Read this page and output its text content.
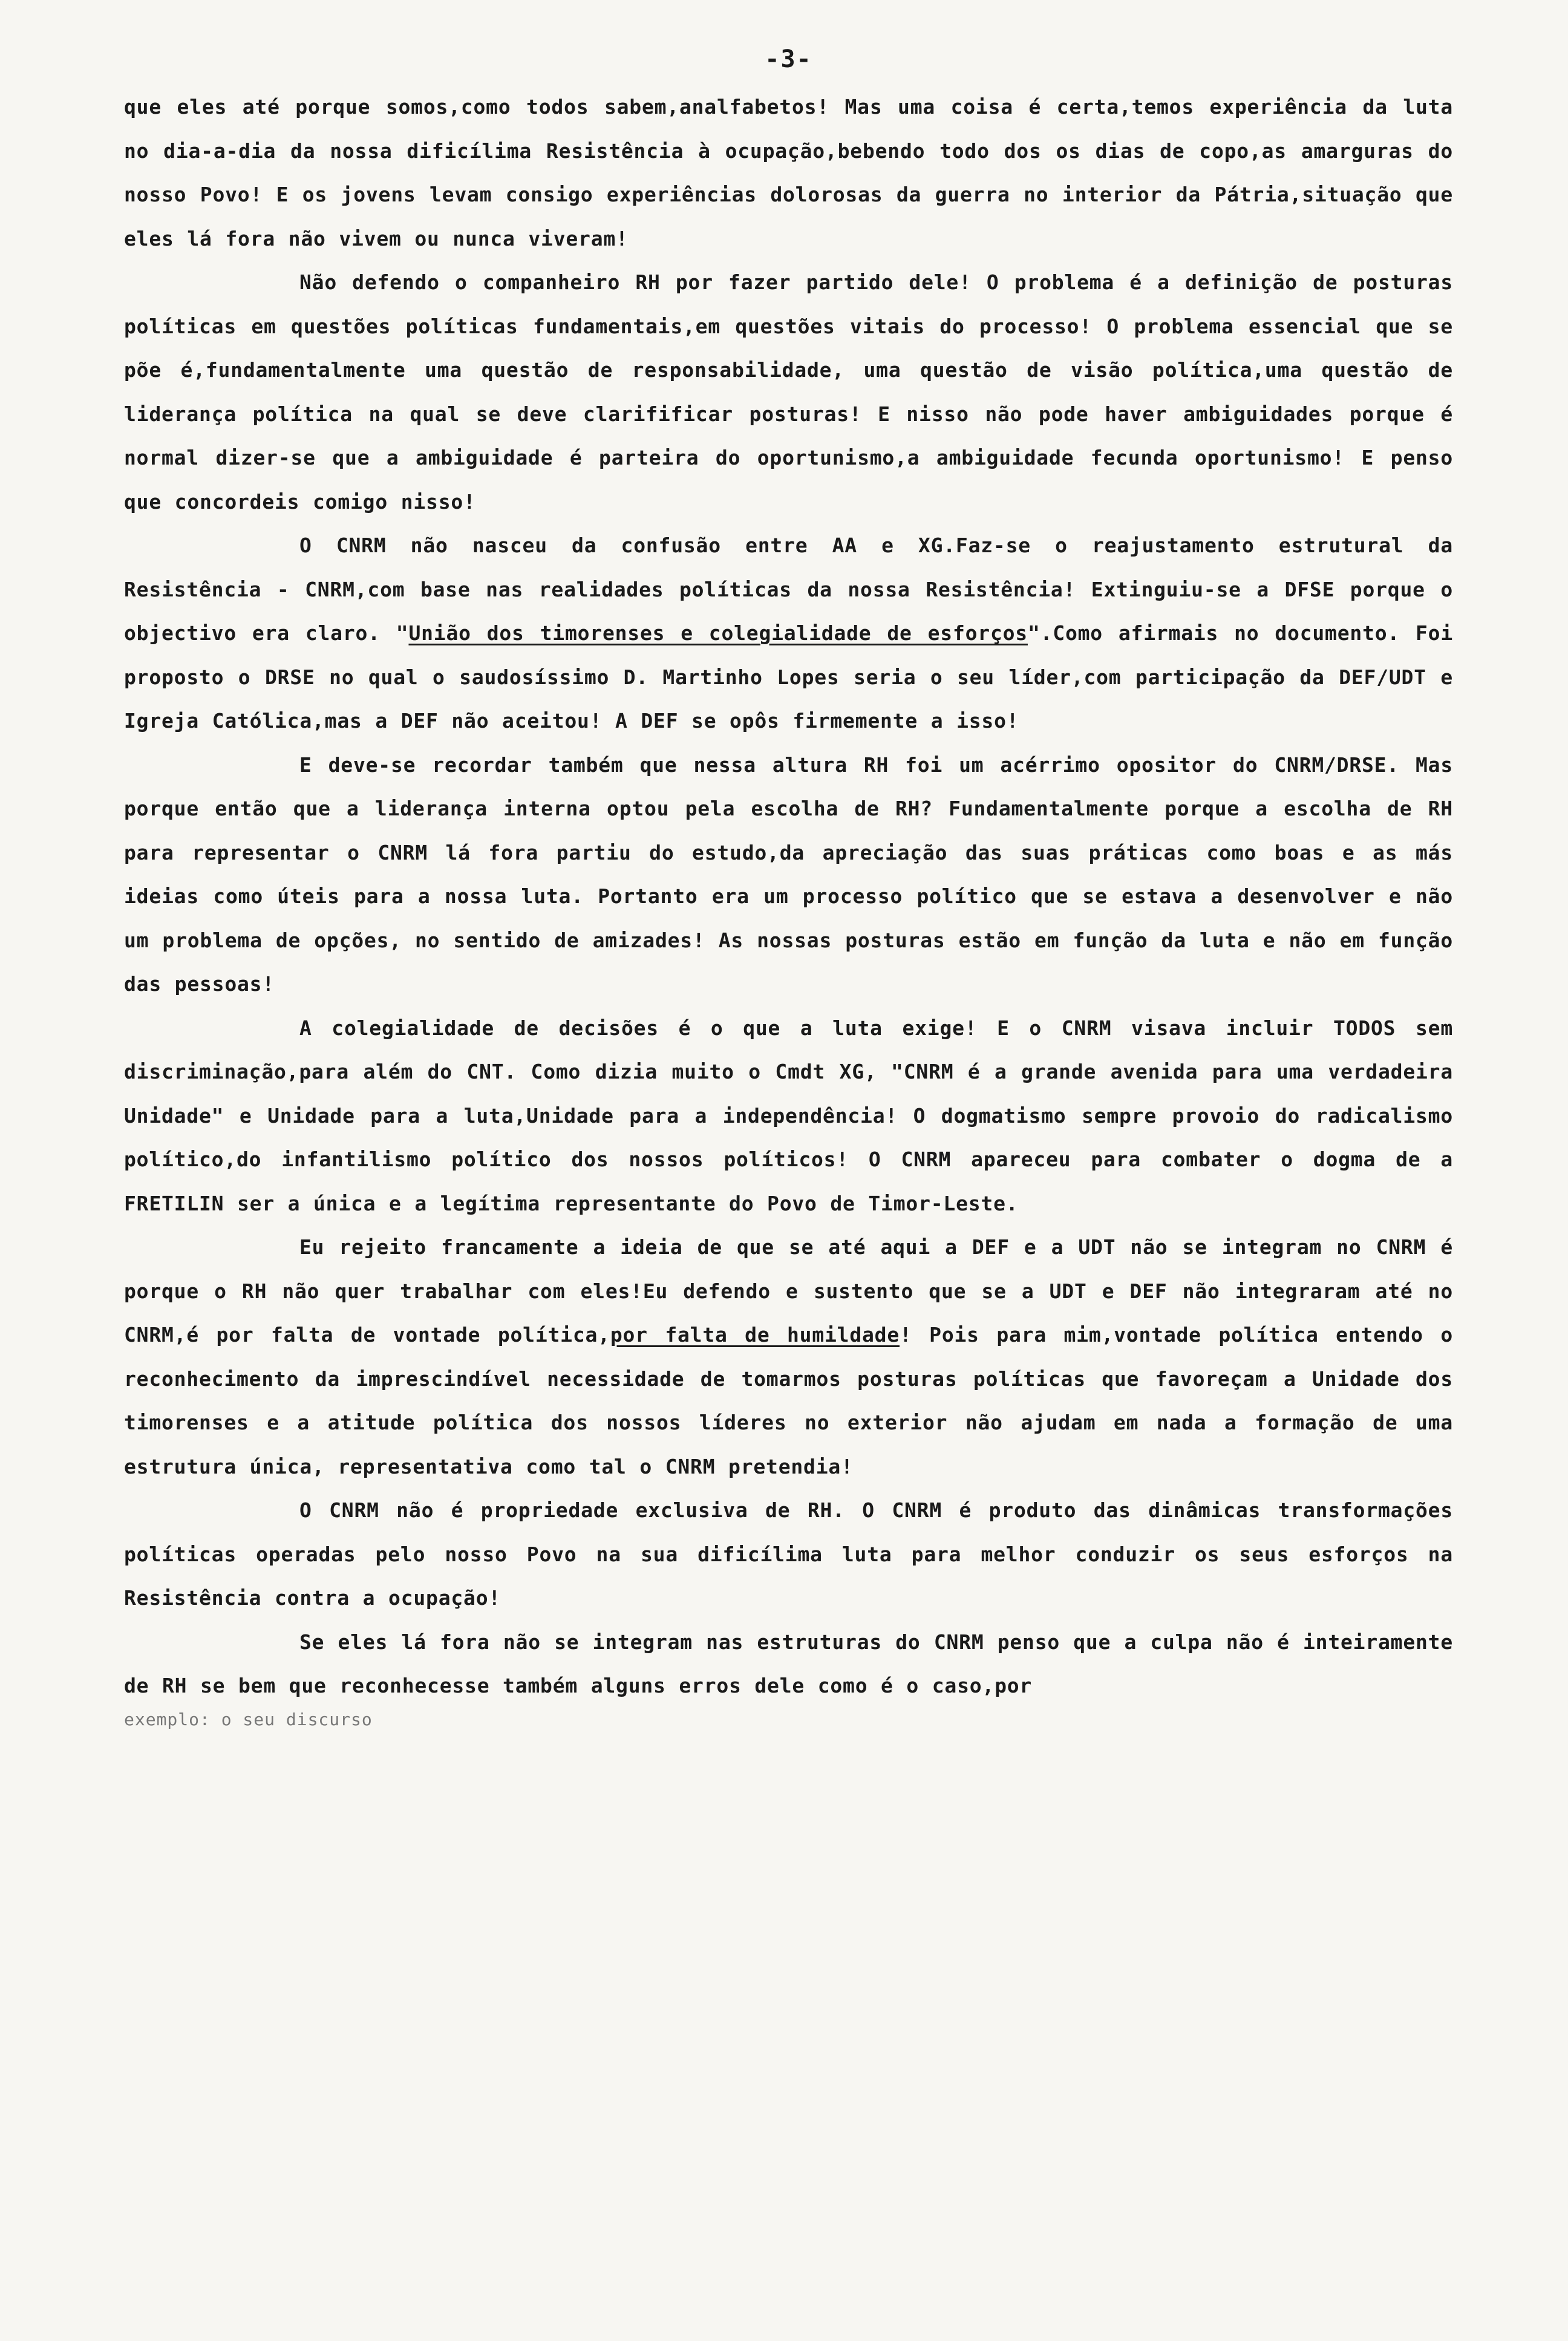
-3-
que eles até porque somos,como todos sabem,analfabetos! Mas uma coisa é certa,temos experiência da luta no dia-a-dia da nossa dificílima Resistência à ocupação,bebendo todo dos os dias de copo,as amarguras do nosso Povo! E os jovens levam consigo experiências dolorosas da guerra no interior da Pátria,situação que eles lá fora não vivem ou nunca viveram!
Não defendo o companheiro RH por fazer partido dele! O problema é a definição de posturas políticas em questões políticas fundamentais,em questões vitais do processo! O problema essencial que se põe é,fundamentalmente uma questão de responsabilidade, uma questão de visão política,uma questão de liderança política na qual se deve clarifificar posturas! E nisso não pode haver ambiguidades porque é normal dizer-se que a ambiguidade é parteira do oportunismo,a ambiguidade fecunda oportunismo! E penso que concordeis comigo nisso!
O CNRM não nasceu da confusão entre AA e XG.Faz-se o reajustamento estrutural da Resistência - CNRM,com base nas realidades políticas da nossa Resistência! Extinguiu-se a DFSE porque o objectivo era claro. "União dos timorenses e colegialidade de esforços".Como afirmais no documento. Foi proposto o DRSE no qual o saudosíssimo D. Martinho Lopes seria o seu líder,com participação da DEF/UDT e Igreja Católica,mas a DEF não aceitou! A DEF se opôs firmemente a isso!
E deve-se recordar também que nessa altura RH foi um acérrimo opositor do CNRM/DRSE. Mas porque então que a liderança interna optou pela escolha de RH? Fundamentalmente porque a escolha de RH para representar o CNRM lá fora partiu do estudo,da apreciação das suas práticas como boas e as más ideias como úteis para a nossa luta. Portanto era um processo político que se estava a desenvolver e não um problema de opções, no sentido de amizades! As nossas posturas estão em função da luta e não em função das pessoas!
A colegialidade de decisões é o que a luta exige! E o CNRM visava incluir TODOS sem discriminação,para além do CNT. Como dizia muito o Cmdt XG, "CNRM é a grande avenida para uma verdadeira Unidade" e Unidade para a luta,Unidade para a independência! O dogmatismo sempre provoio do radicalismo político,do infantilismo político dos nossos políticos! O CNRM apareceu para combater o dogma de a FRETILIN ser a única e a legítima representante do Povo de Timor-Leste.
Eu rejeito francamente a ideia de que se até aqui a DEF e a UDT não se integram no CNRM é porque o RH não quer trabalhar com eles!Eu defendo e sustento que se a UDT e DEF não integraram até no CNRM,é por falta de vontade política,por falta de humildade! Pois para mim,vontade política entendo o reconhecimento da imprescindível necessidade de tomarmos posturas políticas que favoreçam a Unidade dos timorenses e a atitude política dos nossos líderes no exterior não ajudam em nada a formação de uma estrutura única, representativa como tal o CNRM pretendia!
O CNRM não é propriedade exclusiva de RH. O CNRM é produto das dinâmicas transformações políticas operadas pelo nosso Povo na sua dificílima luta para melhor conduzir os seus esforços na Resistência contra a ocupação!
Se eles lá fora não se integram nas estruturas do CNRM penso que a culpa não é inteiramente de RH se bem que reconhecesse também alguns erros dele como é o caso,por
exemplo: o seu discurso
